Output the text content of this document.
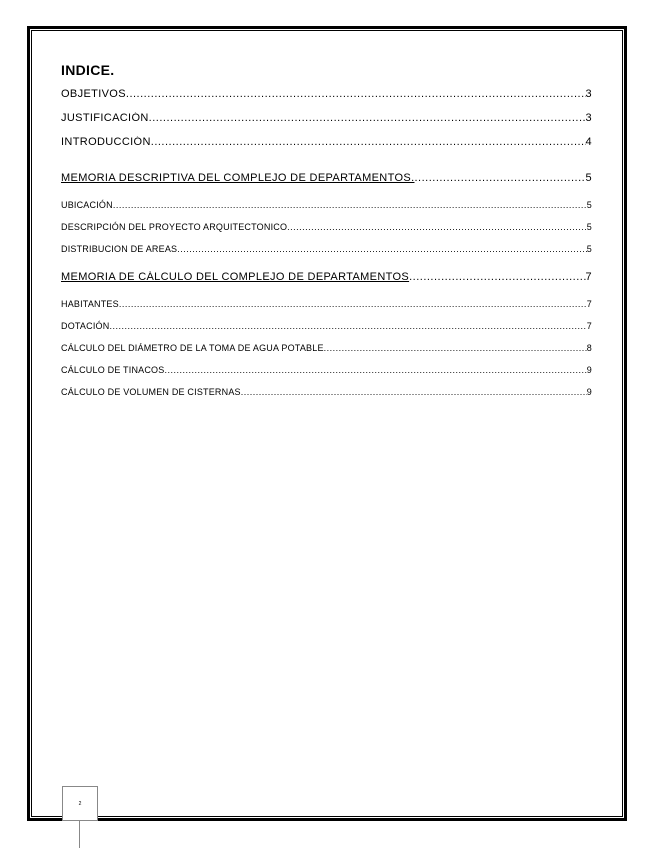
INDICE.
OBJETIVOS .....	3
JUSTIFICACIÓN .....	3
INTRODUCCIÓN .....	4
MEMORIA DESCRIPTIVA DEL COMPLEJO DE DEPARTAMENTOS. .....	5
UBICACIÓN .....	5
DESCRIPCIÓN DEL PROYECTO ARQUITECTONICO .....	5
DISTRIBUCION DE AREAS .....	5
MEMORIA DE CÁLCULO DEL COMPLEJO DE DEPARTAMENTOS .....	7
HABITANTES .....	7
DOTACIÓN .....	7
CÁLCULO DEL DIÁMETRO DE LA TOMA DE AGUA POTABLE .....	8
CÁLCULO DE TINACOS .....	9
CÁLCULO DE VOLUMEN DE CISTERNAS .....	9
2
